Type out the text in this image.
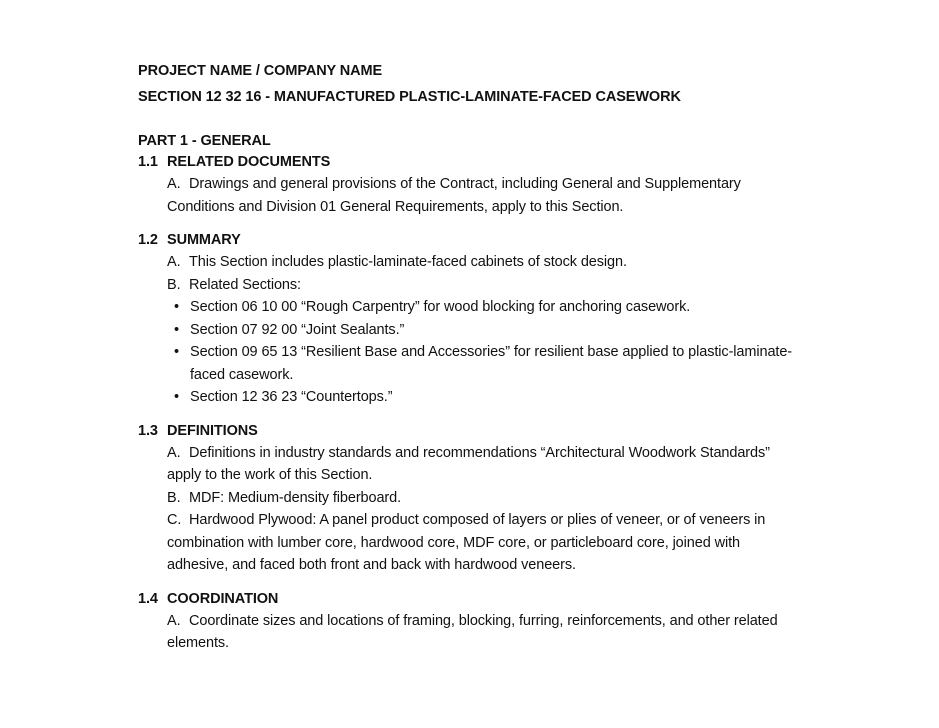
PROJECT NAME / COMPANY NAME
SECTION 12 32 16 - MANUFACTURED PLASTIC-LAMINATE-FACED CASEWORK
PART 1 - GENERAL
1.1 RELATED DOCUMENTS
A. Drawings and general provisions of the Contract, including General and Supplementary Conditions and Division 01 General Requirements, apply to this Section.
1.2 SUMMARY
A. This Section includes plastic-laminate-faced cabinets of stock design.
B. Related Sections:
• Section 06 10 00 “Rough Carpentry” for wood blocking for anchoring casework.
• Section 07 92 00 “Joint Sealants.”
• Section 09 65 13 “Resilient Base and Accessories” for resilient base applied to plastic-laminate-faced casework.
• Section 12 36 23 “Countertops.”
1.3 DEFINITIONS
A. Definitions in industry standards and recommendations “Architectural Woodwork Standards” apply to the work of this Section.
B. MDF: Medium-density fiberboard.
C. Hardwood Plywood: A panel product composed of layers or plies of veneer, or of veneers in combination with lumber core, hardwood core, MDF core, or particleboard core, joined with adhesive, and faced both front and back with hardwood veneers.
1.4 COORDINATION
A. Coordinate sizes and locations of framing, blocking, furring, reinforcements, and other related elements.
